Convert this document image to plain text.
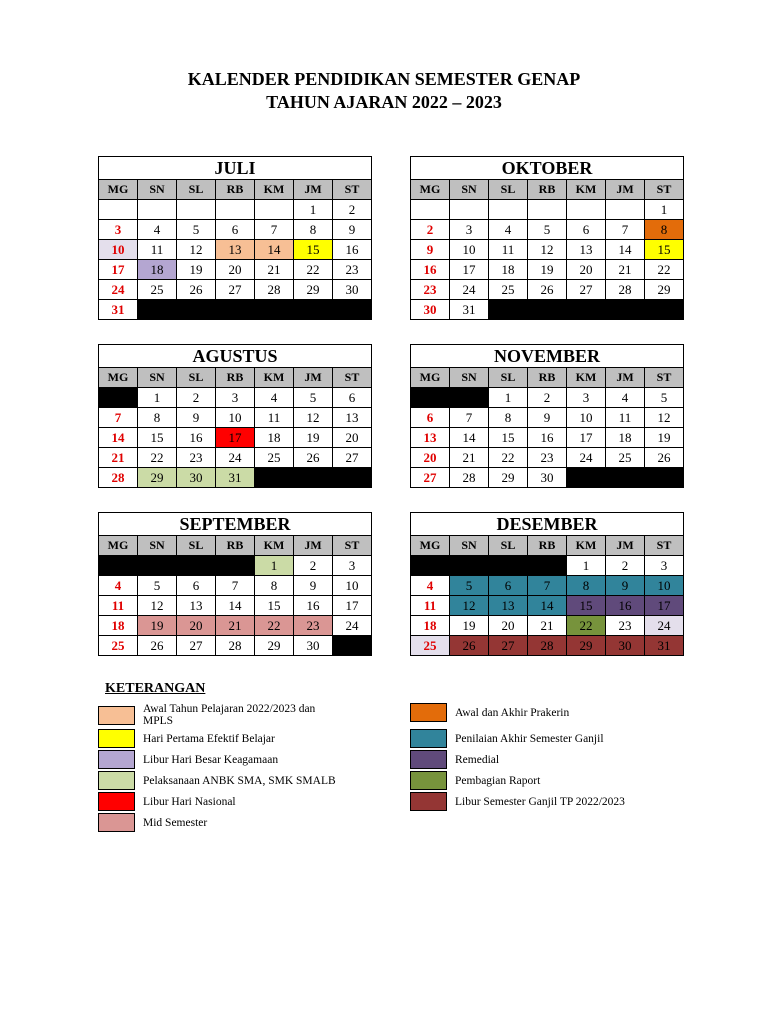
KALENDER PENDIDIKAN SEMESTER GENAP
TAHUN AJARAN 2022 – 2023
JULI						
MG	SN	SL	RB	KM	JM	ST
					1	2
3	4	5	6	7	8	9
10	11	12	13	14	15	16
17	18	19	20	21	22	23
24	25	26	27	28	29	30
31						
OKTOBER						
MG	SN	SL	RB	KM	JM	ST
						1
2	3	4	5	6	7	8
9	10	11	12	13	14	15
16	17	18	19	20	21	22
23	24	25	26	27	28	29
30	31					
AGUSTUS						
MG	SN	SL	RB	KM	JM	ST
	1	2	3	4	5	6
7	8	9	10	11	12	13
14	15	16	17	18	19	20
21	22	23	24	25	26	27
28	29	30	31			
NOVEMBER						
MG	SN	SL	RB	KM	JM	ST
		1	2	3	4	5
6	7	8	9	10	11	12
13	14	15	16	17	18	19
20	21	22	23	24	25	26
27	28	29	30			
SEPTEMBER						
MG	SN	SL	RB	KM	JM	ST
				1	2	3
4	5	6	7	8	9	10
11	12	13	14	15	16	17
18	19	20	21	22	23	24
25	26	27	28	29	30	
DESEMBER						
MG	SN	SL	RB	KM	JM	ST
				1	2	3
4	5	6	7	8	9	10
11	12	13	14	15	16	17
18	19	20	21	22	23	24
25	26	27	28	29	30	31
KETERANGAN
Awal Tahun Pelajaran 2022/2023 dan MPLS
Hari Pertama Efektif Belajar
Libur Hari Besar Keagamaan
Pelaksanaan ANBK SMA, SMK SMALB
Libur Hari Nasional
Mid Semester
Awal dan Akhir Prakerin
Penilaian Akhir Semester Ganjil
Remedial
Pembagian Raport
Libur Semester Ganjil TP 2022/2023
